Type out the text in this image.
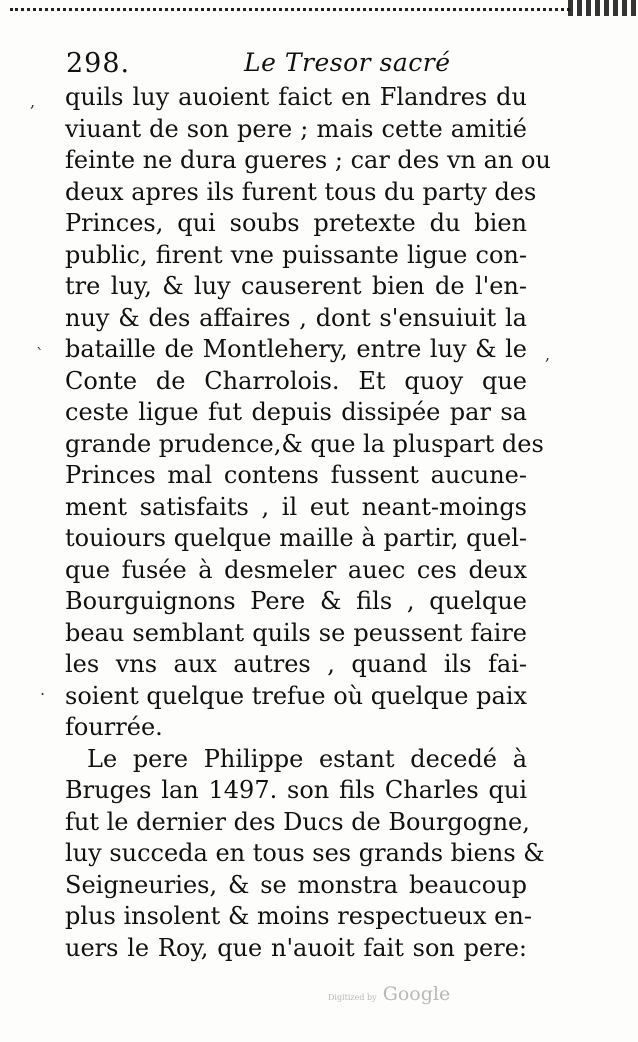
298.	Le Tresor sacré
,
`	,
.
quils luy auoient faict en Flandres du
viuant de son pere ; mais cette amitié
feinte ne dura gueres ; car des vn an ou
deux apres ils furent tous du party des
Princes, qui soubs pretexte du bien
public, firent vne puissante ligue con-
tre luy, & luy causerent bien de l'en-
nuy & des affaires , dont s'ensuiuit la
bataille de Montlehery, entre luy & le
Conte de Charrolois. Et quoy que
ceste ligue fut depuis dissipée par sa
grande prudence,& que la pluspart des
Princes mal contens fussent aucune-
ment satisfaits , il eut neant-moings
touiours quelque maille à partir, quel-
que fusée à desmeler auec ces deux
Bourguignons Pere & fils , quelque
beau semblant quils se peussent faire
les vns aux autres , quand ils fai-
soient quelque trefue où quelque paix
fourrée.
Le pere Philippe estant decedé à
Bruges lan 1497. son fils Charles qui
fut le dernier des Ducs de Bourgogne,
luy succeda en tous ses grands biens &
Seigneuries, & se monstra beaucoup
plus insolent & moins respectueux en-
uers le Roy, que n'auoit fait son pere:
Digitized by Google
